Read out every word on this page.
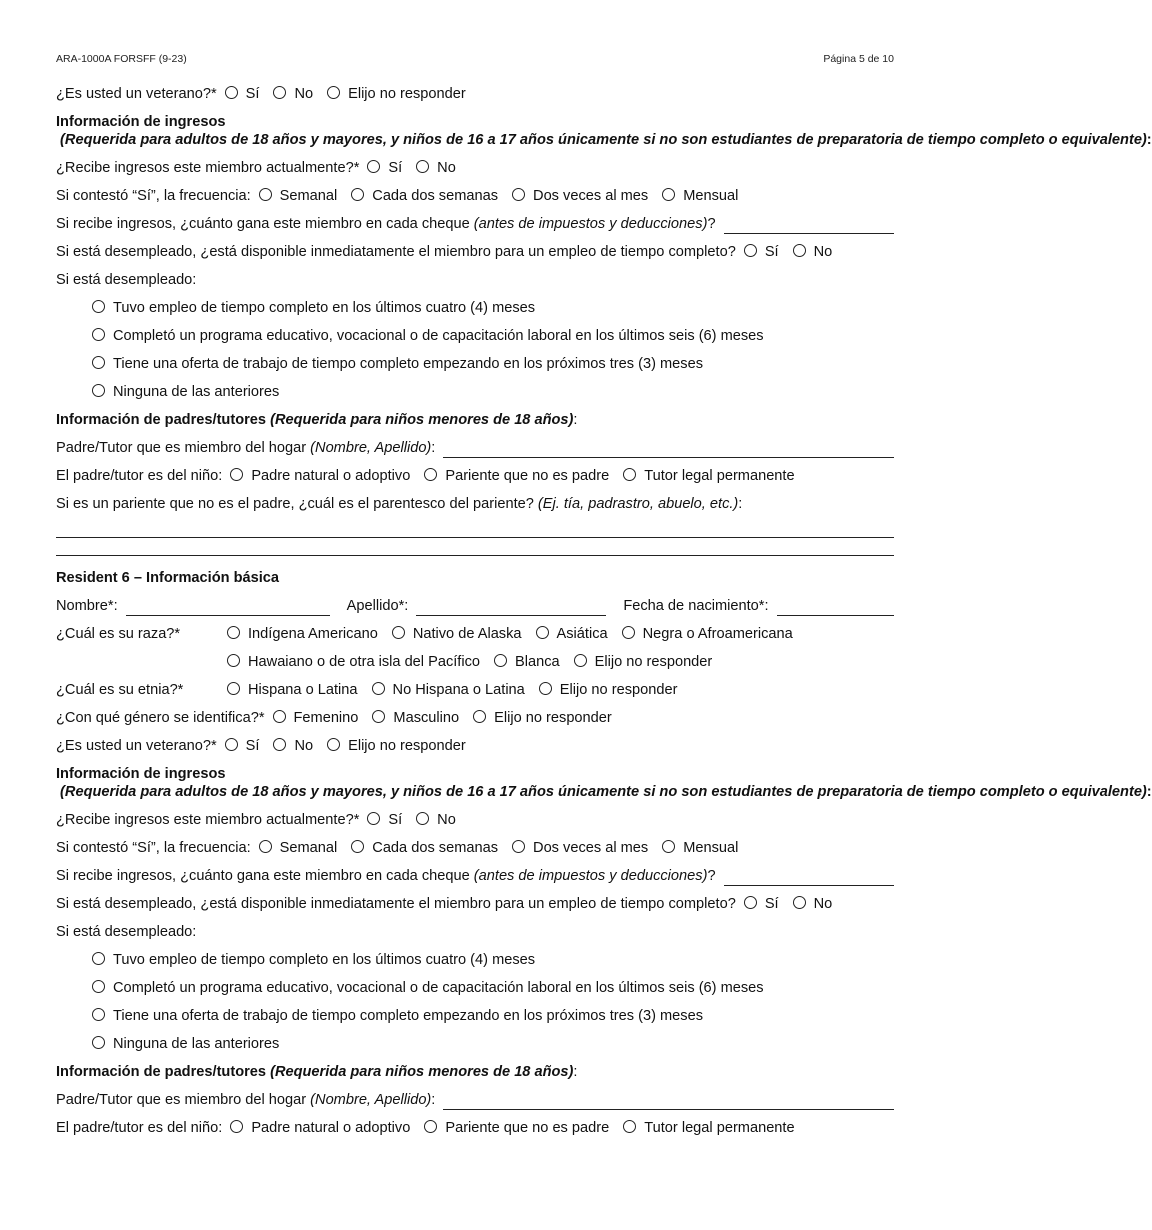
ARA-1000A FORSFF (9-23)	Página 5 de 10
¿Es usted un veterano?* Sí No Elijo no responder
Información de ingresos (Requerida para adultos de 18 años y mayores, y niños de 16 a 17 años únicamente si no son estudiantes de preparatoria de tiempo completo o equivalente):
¿Recibe ingresos este miembro actualmente?* Sí No
Si contestó “Sí”, la frecuencia: Semanal Cada dos semanas Dos veces al mes Mensual
Si recibe ingresos, ¿cuánto gana este miembro en cada cheque (antes de impuestos y deducciones) ?
Si está desempleado, ¿está disponible inmediatamente el miembro para un empleo de tiempo completo? Sí No
Si está desempleado:
Tuvo empleo de tiempo completo en los últimos cuatro (4) meses
Completó un programa educativo, vocacional o de capacitación laboral en los últimos seis (6) meses
Tiene una oferta de trabajo de tiempo completo empezando en los próximos tres (3) meses
Ninguna de las anteriores
Información de padres/tutores (Requerida para niños menores de 18 años) :
Padre/Tutor que es miembro del hogar (Nombre, Apellido) :
El padre/tutor es del niño: Padre natural o adoptivo Pariente que no es padre Tutor legal permanente
Si es un pariente que no es el padre, ¿cuál es el parentesco del pariente? (Ej. tía, padrastro, abuelo, etc.) :
Resident 6 – Información básica
Nombre*:	Apellido*:	Fecha de nacimiento*:
¿Cuál es su raza?*	Indígena Americano Nativo de Alaska Asiática Negra o Afroamericana
Hawaiano o de otra isla del Pacífico Blanca Elijo no responder
¿Cuál es su etnia?*	Hispana o Latina No Hispana o Latina Elijo no responder
¿Con qué género se identifica?* Femenino Masculino Elijo no responder
¿Es usted un veterano?* Sí No Elijo no responder
Información de ingresos (Requerida para adultos de 18 años y mayores, y niños de 16 a 17 años únicamente si no son estudiantes de preparatoria de tiempo completo o equivalente):
¿Recibe ingresos este miembro actualmente?* Sí No
Si contestó “Sí”, la frecuencia: Semanal Cada dos semanas Dos veces al mes Mensual
Si recibe ingresos, ¿cuánto gana este miembro en cada cheque (antes de impuestos y deducciones) ?
Si está desempleado, ¿está disponible inmediatamente el miembro para un empleo de tiempo completo? Sí No
Si está desempleado:
Tuvo empleo de tiempo completo en los últimos cuatro (4) meses
Completó un programa educativo, vocacional o de capacitación laboral en los últimos seis (6) meses
Tiene una oferta de trabajo de tiempo completo empezando en los próximos tres (3) meses
Ninguna de las anteriores
Información de padres/tutores (Requerida para niños menores de 18 años) :
Padre/Tutor que es miembro del hogar (Nombre, Apellido) :
El padre/tutor es del niño: Padre natural o adoptivo Pariente que no es padre Tutor legal permanente
